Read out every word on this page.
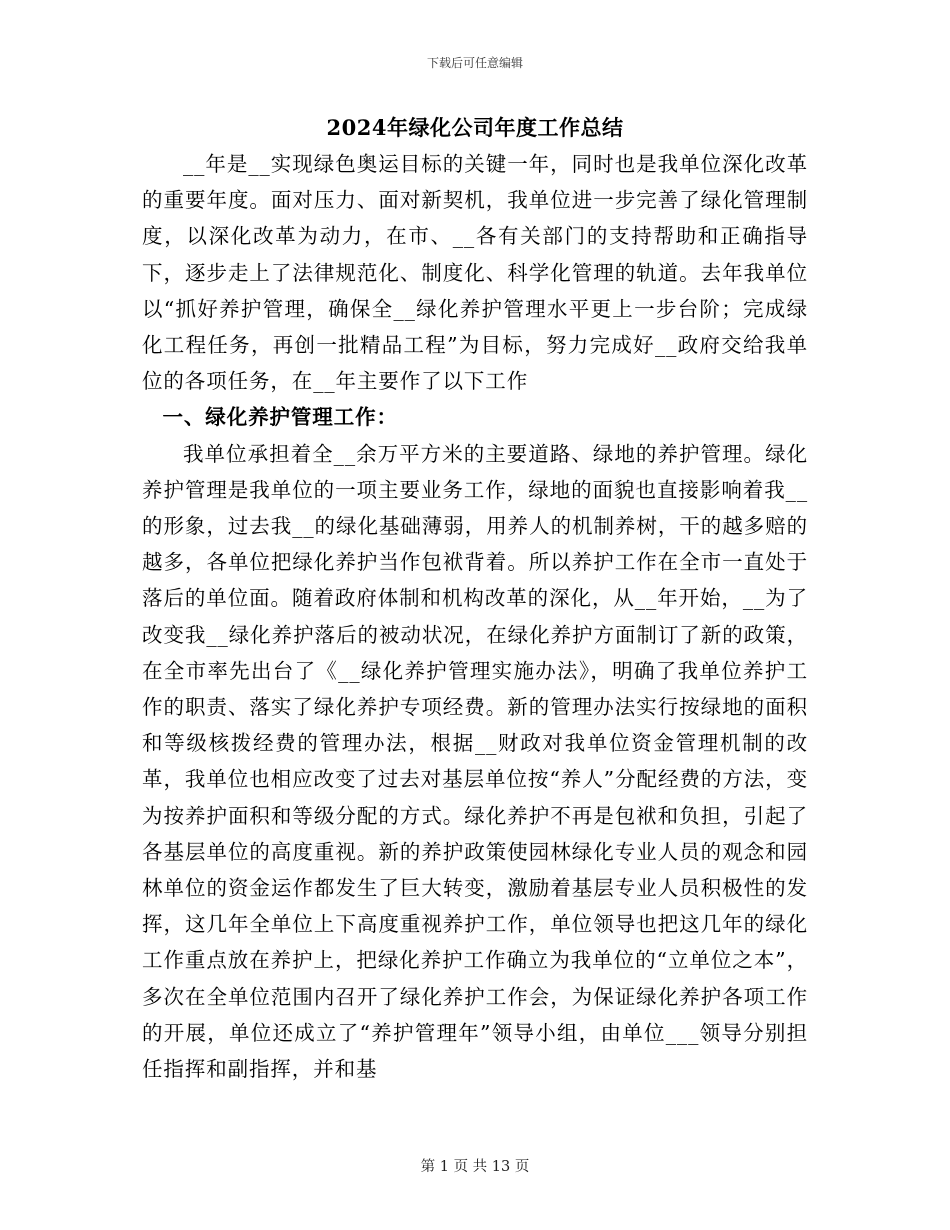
下载后可任意编辑
2024年绿化公司年度工作总结

__年是__实现绿色奥运目标的关键一年，同时也是我单位深化改革的重要年度。面对压力、面对新契机，我单位进一步完善了绿化管理制度，以深化改革为动力，在市、__各有关部门的支持帮助和正确指导下，逐步走上了法律规范化、制度化、科学化管理的轨道。去年我单位以“抓好养护管理，确保全__绿化养护管理水平更上一步台阶；完成绿化工程任务，再创一批精品工程”为目标，努力完成好__政府交给我单位的各项任务，在__年主要作了以下工作

一、绿化养护管理工作：

我单位承担着全__余万平方米的主要道路、绿地的养护管理。绿化养护管理是我单位的一项主要业务工作，绿地的面貌也直接影响着我__的形象，过去我__的绿化基础薄弱，用养人的机制养树，干的越多赔的越多，各单位把绿化养护当作包袱背着。所以养护工作在全市一直处于落后的单位面。随着政府体制和机构改革的深化，从__年开始，__为了改变我__绿化养护落后的被动状况，在绿化养护方面制订了新的政策，在全市率先出台了《__绿化养护管理实施办法》，明确了我单位养护工作的职责、落实了绿化养护专项经费。新的管理办法实行按绿地的面积和等级核拨经费的管理办法，根据__财政对我单位资金管理机制的改革，我单位也相应改变了过去对基层单位按“养人”分配经费的方法，变为按养护面积和等级分配的方式。绿化养护不再是包袱和负担，引起了各基层单位的高度重视。新的养护政策使园林绿化专业人员的观念和园林单位的资金运作都发生了巨大转变，激励着基层专业人员积极性的发挥，这几年全单位上下高度重视养护工作，单位领导也把这几年的绿化工作重点放在养护上，把绿化养护工作确立为我单位的“立单位之本”，多次在全单位范围内召开了绿化养护工作会，为保证绿化养护各项工作的开展，单位还成立了“养护管理年”领导小组，由单位___领导分别担任指挥和副指挥，并和基

第 1 页 共 13 页
